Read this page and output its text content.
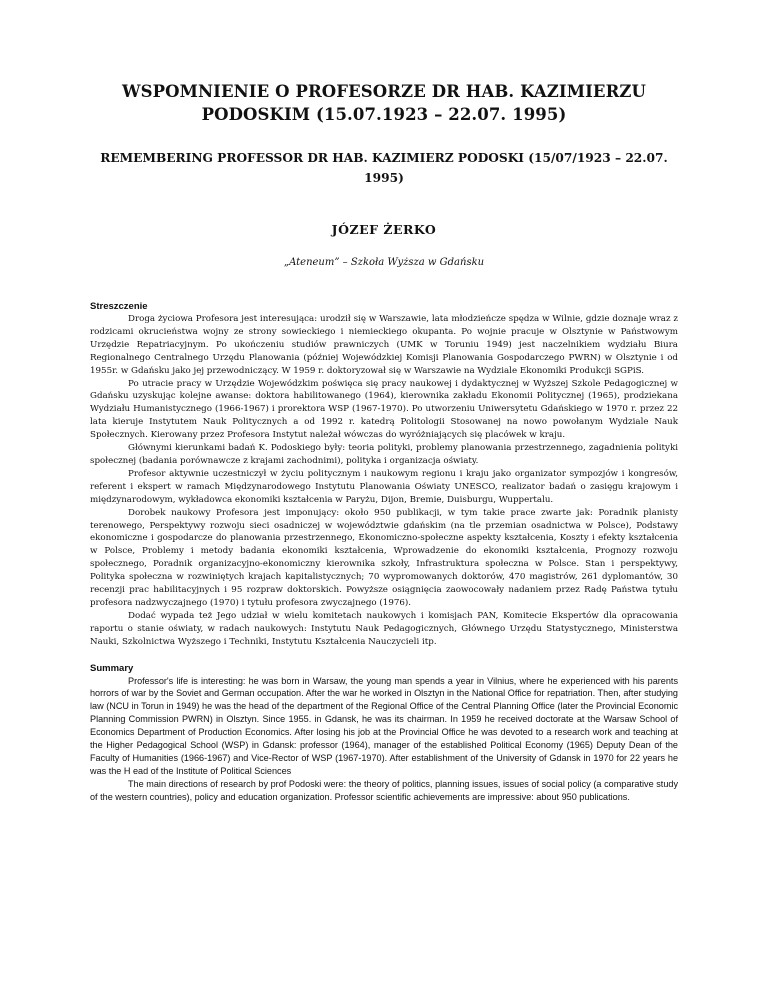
WSPOMNIENIE O PROFESORZE DR HAB. KAZIMIERZU PODOSKIM (15.07.1923 – 22.07. 1995)
REMEMBERING PROFESSOR DR HAB. KAZIMIERZ PODOSKI (15/07/1923 – 22.07. 1995)
JÓZEF ŻERKO
„Ateneum” – Szkoła Wyższa w Gdańsku

Streszczenie

Droga życiowa Profesora jest interesująca: urodził się w Warszawie, lata młodzieńcze spędza w Wilnie, gdzie doznaje wraz z rodzicami okrucieństwa wojny ze strony sowieckiego i niemieckiego okupanta. Po wojnie pracuje w Olsztynie w Państwowym Urzędzie Repatriacyjnym. Po ukończeniu studiów prawniczych (UMK w Toruniu 1949) jest naczelnikiem wydziału Biura Regionalnego Centralnego Urzędu Planowania (później Wojewódzkiej Komisji Planowania Gospodarczego PWRN) w Olsztynie i od 1955r. w Gdańsku jako jej przewodniczący. W 1959 r. doktoryzował się w Warszawie na Wydziale Ekonomiki Produkcji SGPiS.

Po utracie pracy w Urzędzie Wojewódzkim poświęca się pracy naukowej i dydaktycznej w Wyższej Szkole Pedagogicznej w Gdańsku uzyskując kolejne awanse: doktora habilitowanego (1964), kierownika zakładu Ekonomii Politycznej (1965), prodziekana Wydziału Humanistycznego (1966-1967) i prorektora WSP (1967-1970). Po utworzeniu Uniwersytetu Gdańskiego w 1970 r. przez 22 lata kieruje Instytutem Nauk Politycznych a od 1992 r. katedrą Politologii Stosowanej na nowo powołanym Wydziale Nauk Społecznych. Kierowany przez Profesora Instytut należał wówczas do wyróżniających się placówek w kraju.

Głównymi kierunkami badań K. Podoskiego były: teoria polityki, problemy planowania przestrzennego, zagadnienia polityki społecznej (badania porównawcze z krajami zachodnimi), polityka i organizacja oświaty.

Profesor aktywnie uczestniczył w życiu politycznym i naukowym regionu i kraju jako organizator sympozjów i kongresów, referent i ekspert w ramach Międzynarodowego Instytutu Planowania Oświaty UNESCO, realizator badań o zasięgu krajowym i międzynarodowym, wykładowca ekonomiki kształcenia w Paryżu, Dijon, Bremie, Duisburgu, Wuppertalu.

Dorobek naukowy Profesora jest imponujący: około 950 publikacji, w tym takie prace zwarte jak: Poradnik planisty terenowego, Perspektywy rozwoju sieci osadniczej w województwie gdańskim (na tle przemian osadnictwa w Polsce), Podstawy ekonomiczne i gospodarcze do planowania przestrzennego, Ekonomiczno-społeczne aspekty kształcenia, Koszty i efekty kształcenia w Polsce, Problemy i metody badania ekonomiki kształcenia, Wprowadzenie do ekonomiki kształcenia, Prognozy rozwoju społecznego, Poradnik organizacyjno-ekonomiczny kierownika szkoły, Infrastruktura społeczna w Polsce. Stan i perspektywy, Polityka społeczna w rozwiniętych krajach kapitalistycznych; 70 wypromowanych doktorów, 470 magistrów, 261 dyplomantów, 30 recenzji prac habilitacyjnych i 95 rozpraw doktorskich. Powyższe osiągnięcia zaowocowały nadaniem przez Radę Państwa tytułu profesora nadzwyczajnego (1970) i tytułu profesora zwyczajnego (1976).

Dodać wypada też Jego udział w wielu komitetach naukowych i komisjach PAN, Komitecie Ekspertów dla opracowania raportu o stanie oświaty, w radach naukowych: Instytutu Nauk Pedagogicznych, Głównego Urzędu Statystycznego, Ministerstwa Nauki, Szkolnictwa Wyższego i Techniki, Instytutu Kształcenia Nauczycieli itp.

Summary

Professor's life is interesting: he was born in Warsaw, the young man spends a year in Vilnius, where he experienced with his parents horrors of war by the Soviet and German occupation. After the war he worked in Olsztyn in the National Office for repatriation. Then, after studying law (NCU in Torun in 1949) he was the head of the department of the Regional Office of the Central Planning Office (later the Provincial Economic Planning Commission PWRN) in Olsztyn. Since 1955. in Gdansk, he was its chairman. In 1959 he received doctorate at the Warsaw School of Economics Department of Production Economics. After losing his job at the Provincial Office he was devoted to a research work and teaching at the Higher Pedagogical School (WSP) in Gdansk: professor (1964), manager of the established Political Economy (1965) Deputy Dean of the Faculty of Humanities (1966-1967) and Vice-Rector of WSP (1967-1970). After establishment of the University of Gdansk in 1970 for 22 years he was the H ead of the Institute of Political Sciences

The main directions of research by prof Podoski were: the theory of politics, planning issues, issues of social policy (a comparative study of the western countries), policy and education organization. Professor scientific achievements are impressive: about 950 publications.
